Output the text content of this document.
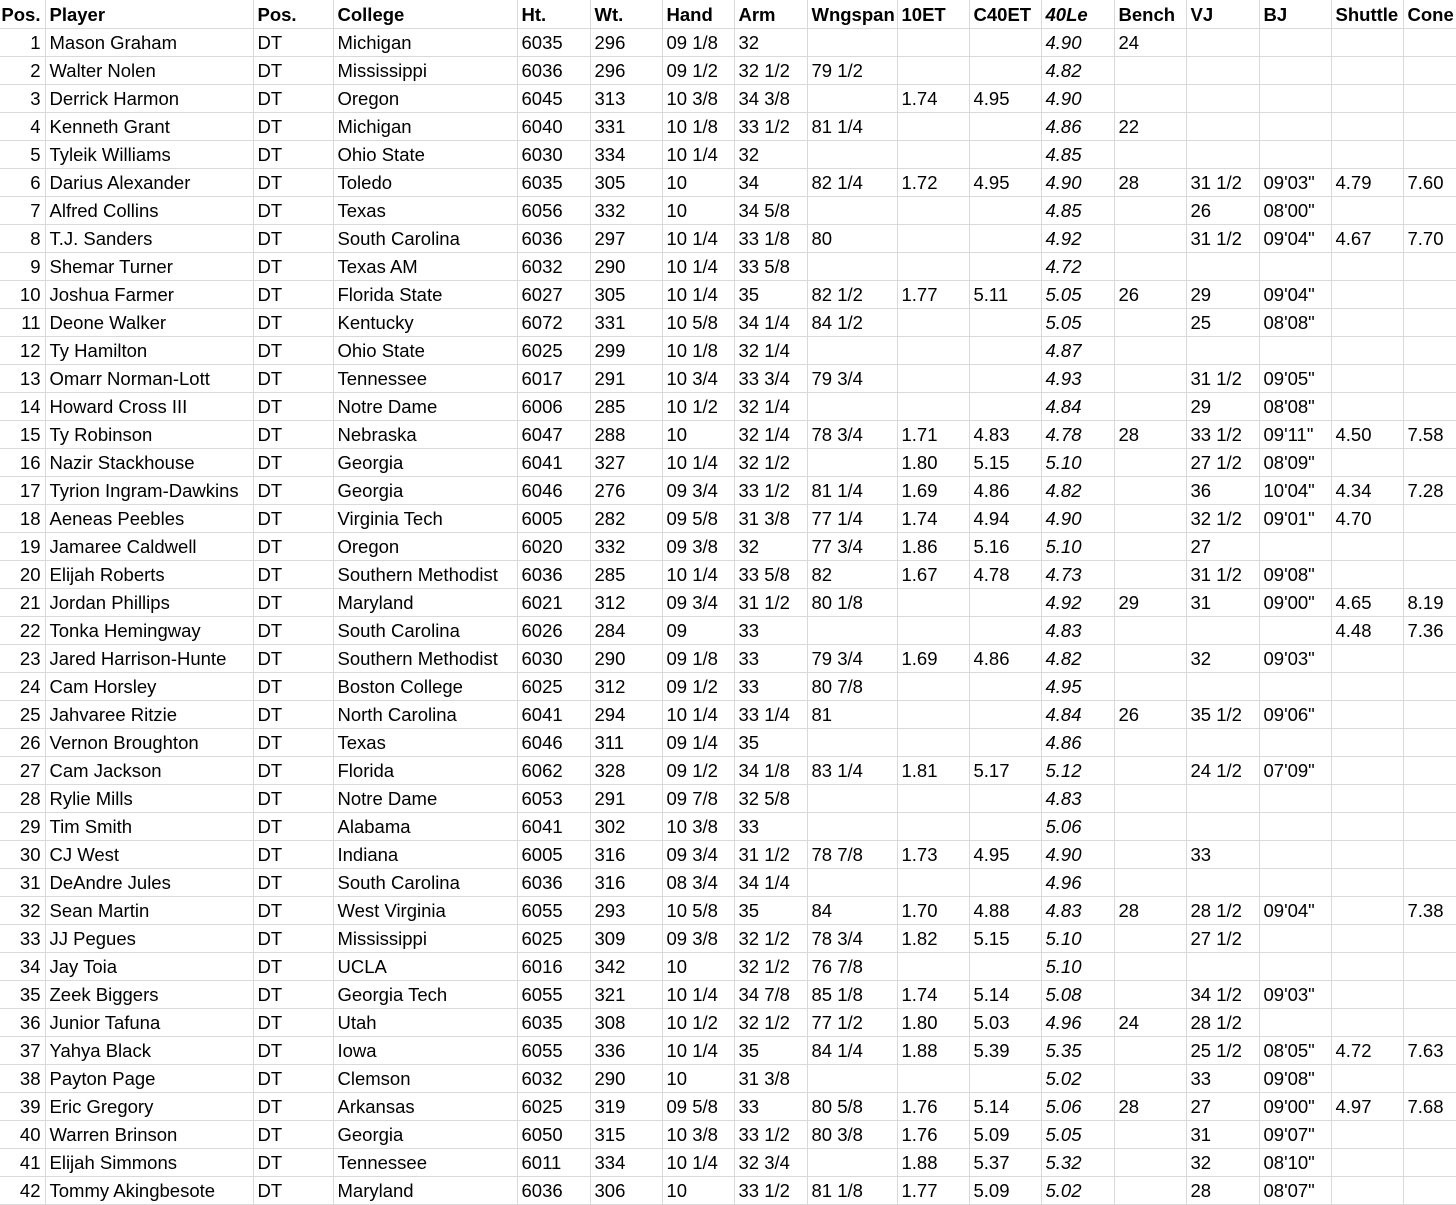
Pos.	Player	Pos.	College	Ht.	Wt.	Hand	Arm	Wngspan	10ET	C40ET	40Le	Bench	VJ	BJ	Shuttle	Cone
1	Mason Graham	DT	Michigan	6035	296	09 1/8	32				4.90	24				
2	Walter Nolen	DT	Mississippi	6036	296	09 1/2	32 1/2	79 1/2			4.82					
3	Derrick Harmon	DT	Oregon	6045	313	10 3/8	34 3/8		1.74	4.95	4.90					
4	Kenneth Grant	DT	Michigan	6040	331	10 1/8	33 1/2	81 1/4			4.86	22				
5	Tyleik Williams	DT	Ohio State	6030	334	10 1/4	32				4.85					
6	Darius Alexander	DT	Toledo	6035	305	10	34	82 1/4	1.72	4.95	4.90	28	31 1/2	09'03"	4.79	7.60
7	Alfred Collins	DT	Texas	6056	332	10	34 5/8				4.85		26	08'00"		
8	T.J. Sanders	DT	South Carolina	6036	297	10 1/4	33 1/8	80			4.92		31 1/2	09'04"	4.67	7.70
9	Shemar Turner	DT	Texas AM	6032	290	10 1/4	33 5/8				4.72					
10	Joshua Farmer	DT	Florida State	6027	305	10 1/4	35	82 1/2	1.77	5.11	5.05	26	29	09'04"		
11	Deone Walker	DT	Kentucky	6072	331	10 5/8	34 1/4	84 1/2			5.05		25	08'08"		
12	Ty Hamilton	DT	Ohio State	6025	299	10 1/8	32 1/4				4.87					
13	Omarr Norman-Lott	DT	Tennessee	6017	291	10 3/4	33 3/4	79 3/4			4.93		31 1/2	09'05"		
14	Howard Cross III	DT	Notre Dame	6006	285	10 1/2	32 1/4				4.84		29	08'08"		
15	Ty Robinson	DT	Nebraska	6047	288	10	32 1/4	78 3/4	1.71	4.83	4.78	28	33 1/2	09'11"	4.50	7.58
16	Nazir Stackhouse	DT	Georgia	6041	327	10 1/4	32 1/2		1.80	5.15	5.10		27 1/2	08'09"		
17	Tyrion Ingram-Dawkins	DT	Georgia	6046	276	09 3/4	33 1/2	81 1/4	1.69	4.86	4.82		36	10'04"	4.34	7.28
18	Aeneas Peebles	DT	Virginia Tech	6005	282	09 5/8	31 3/8	77 1/4	1.74	4.94	4.90		32 1/2	09'01"	4.70	
19	Jamaree Caldwell	DT	Oregon	6020	332	09 3/8	32	77 3/4	1.86	5.16	5.10		27			
20	Elijah Roberts	DT	Southern Methodist	6036	285	10 1/4	33 5/8	82	1.67	4.78	4.73		31 1/2	09'08"		
21	Jordan Phillips	DT	Maryland	6021	312	09 3/4	31 1/2	80 1/8			4.92	29	31	09'00"	4.65	8.19
22	Tonka Hemingway	DT	South Carolina	6026	284	09	33				4.83				4.48	7.36
23	Jared Harrison-Hunte	DT	Southern Methodist	6030	290	09 1/8	33	79 3/4	1.69	4.86	4.82		32	09'03"		
24	Cam Horsley	DT	Boston College	6025	312	09 1/2	33	80 7/8			4.95					
25	Jahvaree Ritzie	DT	North Carolina	6041	294	10 1/4	33 1/4	81			4.84	26	35 1/2	09'06"		
26	Vernon Broughton	DT	Texas	6046	311	09 1/4	35				4.86					
27	Cam Jackson	DT	Florida	6062	328	09 1/2	34 1/8	83 1/4	1.81	5.17	5.12		24 1/2	07'09"		
28	Rylie Mills	DT	Notre Dame	6053	291	09 7/8	32 5/8				4.83					
29	Tim Smith	DT	Alabama	6041	302	10 3/8	33				5.06					
30	CJ West	DT	Indiana	6005	316	09 3/4	31 1/2	78 7/8	1.73	4.95	4.90		33			
31	DeAndre Jules	DT	South Carolina	6036	316	08 3/4	34 1/4				4.96					
32	Sean Martin	DT	West Virginia	6055	293	10 5/8	35	84	1.70	4.88	4.83	28	28 1/2	09'04"		7.38
33	JJ Pegues	DT	Mississippi	6025	309	09 3/8	32 1/2	78 3/4	1.82	5.15	5.10		27 1/2			
34	Jay Toia	DT	UCLA	6016	342	10	32 1/2	76 7/8			5.10					
35	Zeek Biggers	DT	Georgia Tech	6055	321	10 1/4	34 7/8	85 1/8	1.74	5.14	5.08		34 1/2	09'03"		
36	Junior Tafuna	DT	Utah	6035	308	10 1/2	32 1/2	77 1/2	1.80	5.03	4.96	24	28 1/2			
37	Yahya Black	DT	Iowa	6055	336	10 1/4	35	84 1/4	1.88	5.39	5.35		25 1/2	08'05"	4.72	7.63
38	Payton Page	DT	Clemson	6032	290	10	31 3/8				5.02		33	09'08"		
39	Eric Gregory	DT	Arkansas	6025	319	09 5/8	33	80 5/8	1.76	5.14	5.06	28	27	09'00"	4.97	7.68
40	Warren Brinson	DT	Georgia	6050	315	10 3/8	33 1/2	80 3/8	1.76	5.09	5.05		31	09'07"		
41	Elijah Simmons	DT	Tennessee	6011	334	10 1/4	32 3/4		1.88	5.37	5.32		32	08'10"		
42	Tommy Akingbesote	DT	Maryland	6036	306	10	33 1/2	81 1/8	1.77	5.09	5.02		28	08'07"		
